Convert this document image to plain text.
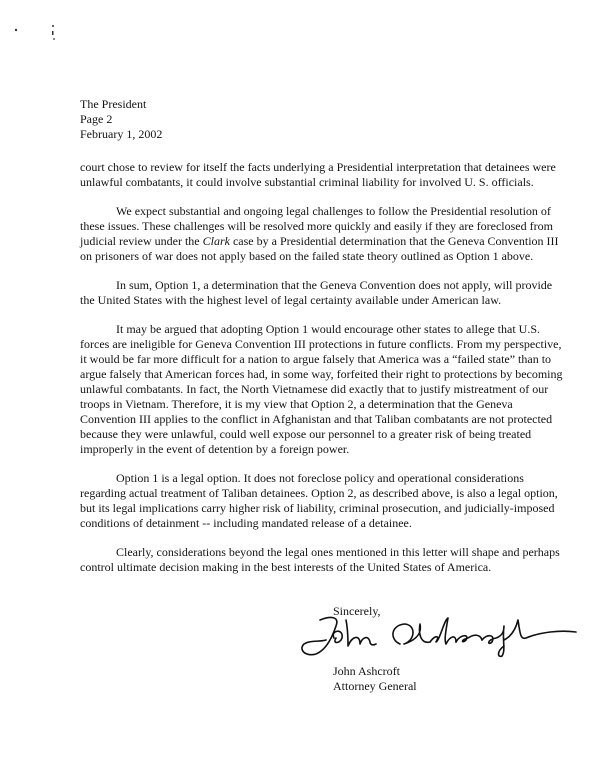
The President
Page 2
February 1, 2002

court chose to review for itself the facts underlying a Presidential interpretation that detainees were unlawful combatants, it could involve substantial criminal liability for involved U. S. officials.

We expect substantial and ongoing legal challenges to follow the Presidential resolution of these issues. These challenges will be resolved more quickly and easily if they are foreclosed from judicial review under the Clark case by a Presidential determination that the Geneva Convention III on prisoners of war does not apply based on the failed state theory outlined as Option 1 above.

In sum, Option 1, a determination that the Geneva Convention does not apply, will provide the United States with the highest level of legal certainty available under American law.

It may be argued that adopting Option 1 would encourage other states to allege that U.S. forces are ineligible for Geneva Convention III protections in future conflicts. From my perspective, it would be far more difficult for a nation to argue falsely that America was a “failed state” than to argue falsely that American forces had, in some way, forfeited their right to protections by becoming unlawful combatants. In fact, the North Vietnamese did exactly that to justify mistreatment of our troops in Vietnam. Therefore, it is my view that Option 2, a determination that the Geneva Convention III applies to the conflict in Afghanistan and that Taliban combatants are not protected because they were unlawful, could well expose our personnel to a greater risk of being treated improperly in the event of detention by a foreign power.

Option 1 is a legal option. It does not foreclose policy and operational considerations regarding actual treatment of Taliban detainees. Option 2, as described above, is also a legal option, but its legal implications carry higher risk of liability, criminal prosecution, and judicially-imposed conditions of detainment -- including mandated release of a detainee.

Clearly, considerations beyond the legal ones mentioned in this letter will shape and perhaps control ultimate decision making in the best interests of the United States of America.

Sincerely,
John Ashcroft
Attorney General
